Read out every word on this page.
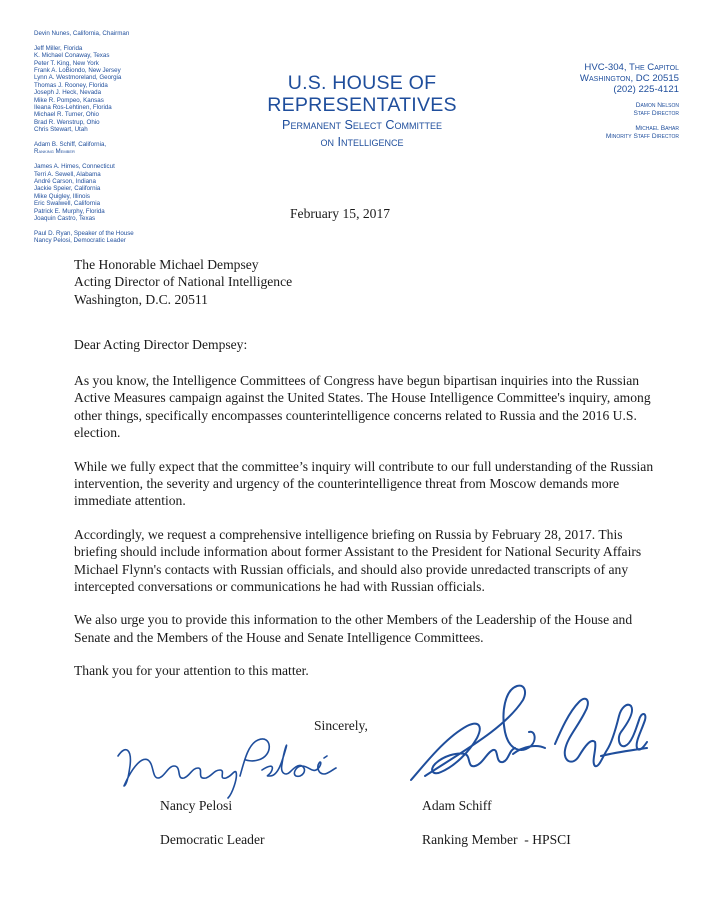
Devin Nunes, California, Chairman
Jeff Miller, Florida
K. Michael Conaway, Texas
Peter T. King, New York
Frank A. LoBiondo, New Jersey
Lynn A. Westmoreland, Georgia
Thomas J. Rooney, Florida
Joseph J. Heck, Nevada
Mike R. Pompeo, Kansas
Ileana Ros-Lehtinen, Florida
Michael R. Turner, Ohio
Brad R. Wenstrup, Ohio
Chris Stewart, Utah
Adam B. Schiff, California,
Ranking Member
James A. Himes, Connecticut
Terri A. Sewell, Alabama
André Carson, Indiana
Jackie Speier, California
Mike Quigley, Illinois
Eric Swalwell, California
Patrick E. Murphy, Florida
Joaquin Castro, Texas
Paul D. Ryan, Speaker of the House
Nancy Pelosi, Democratic Leader
U.S. HOUSE OF REPRESENTATIVES
Permanent Select Committee
on Intelligence
HVC-304, The Capitol
Washington, DC 20515
(202) 225-4121
Damon Nelson
Staff Director
Michael Bahar
Minority Staff Director
February 15, 2017
The Honorable Michael Dempsey
Acting Director of National Intelligence
Washington, D.C. 20511
Dear Acting Director Dempsey:

As you know, the Intelligence Committees of Congress have begun bipartisan inquiries into the Russian Active Measures campaign against the United States. The House Intelligence Committee's inquiry, among other things, specifically encompasses counterintelligence concerns related to Russia and the 2016 U.S. election.

While we fully expect that the committee’s inquiry will contribute to our full understanding of the Russian intervention, the severity and urgency of the counterintelligence threat from Moscow demands more immediate attention.

Accordingly, we request a comprehensive intelligence briefing on Russia by February 28, 2017. This briefing should include information about former Assistant to the President for National Security Affairs Michael Flynn's contacts with Russian officials, and should also provide unredacted transcripts of any intercepted conversations or communications he had with Russian officials.

We also urge you to provide this information to the other Members of the Leadership of the House and Senate and the Members of the House and Senate Intelligence Committees.

Thank you for your attention to this matter.

Sincerely,
Nancy Pelosi
Democratic Leader
Adam Schiff
Ranking Member  - HPSCI
